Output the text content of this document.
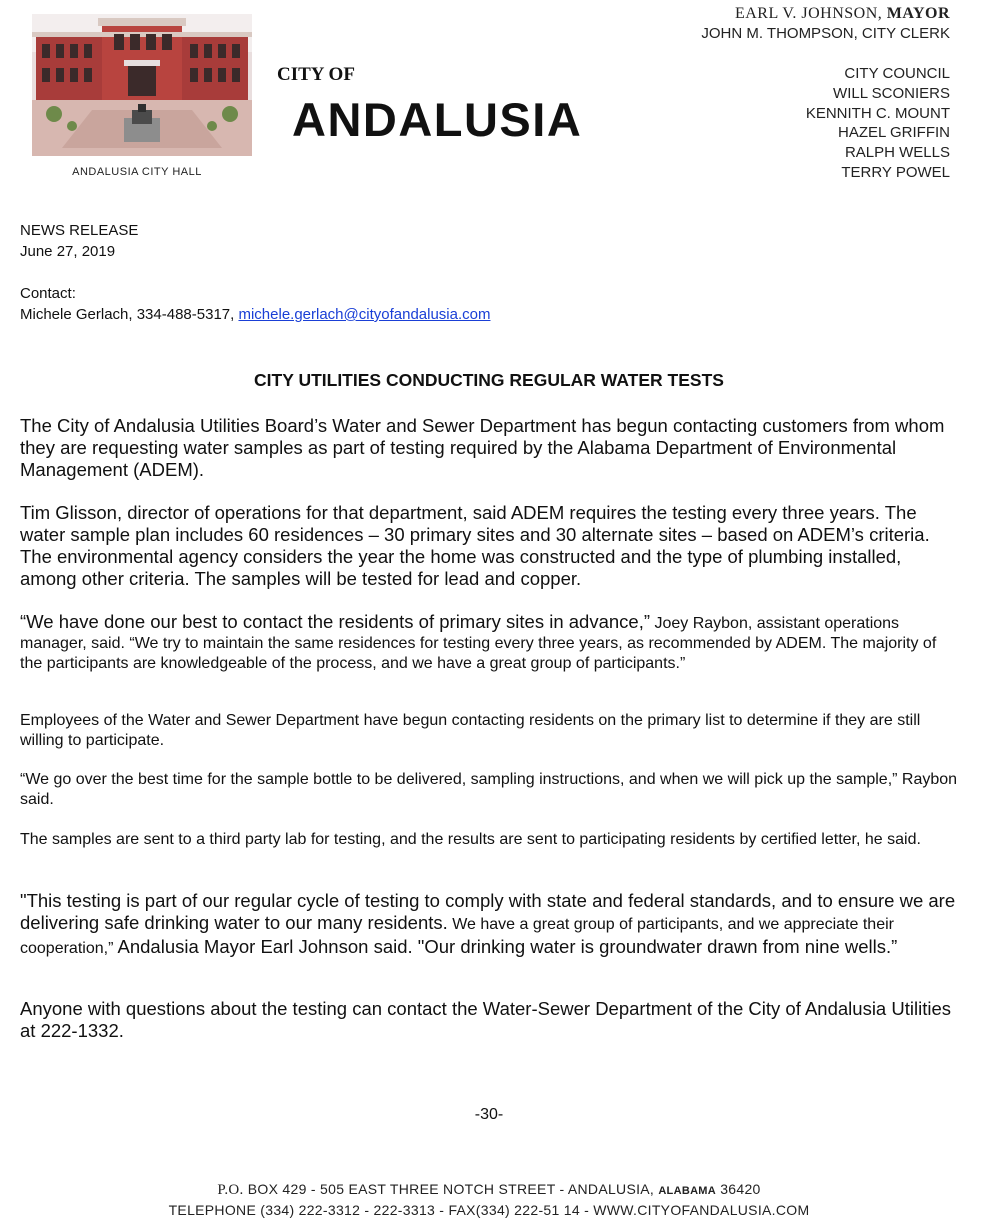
ANDALUSIA CITY HALL
CITY OF
ANDALUSIA
EARL V. JOHNSON, MAYOR
JOHN M. THOMPSON, CITY CLERK
CITY COUNCIL
WILL SCONIERS
KENNITH C. MOUNT
HAZEL GRIFFIN
RALPH WELLS
TERRY POWEL
NEWS RELEASE
June 27, 2019
Contact:
Michele Gerlach, 334-488-5317, michele.gerlach@cityofandalusia.com
CITY UTILITIES CONDUCTING REGULAR WATER TESTS
The City of Andalusia Utilities Board’s Water and Sewer Department has begun contacting customers from whom they are requesting water samples as part of testing required by the Alabama Department of Environmental Management (ADEM).
Tim Glisson, director of operations for that department, said ADEM requires the testing every three years. The water sample plan includes 60 residences – 30 primary sites and 30 alternate sites – based on ADEM’s criteria. The environmental agency considers the year the home was constructed and the type of plumbing installed, among other criteria. The samples will be tested for lead and copper.
“We have done our best to contact the residents of primary sites in advance,” Joey Raybon, assistant operations manager, said. “We try to maintain the same residences for testing every three years, as recommended by ADEM. The majority of the participants are knowledgeable of the process, and we have a great group of participants.”
Employees of the Water and Sewer Department have begun contacting residents on the primary list to determine if they are still willing to participate.
“We go over the best time for the sample bottle to be delivered, sampling instructions, and when we will pick up the sample,” Raybon said.
The samples are sent to a third party lab for testing, and the results are sent to participating residents by certified letter, he said.
"This testing is part of our regular cycle of testing to comply with state and federal standards, and to ensure we are delivering safe drinking water to our many residents. We have a great group of participants, and we appreciate their cooperation,” Andalusia Mayor Earl Johnson said. "Our drinking water is groundwater drawn from nine wells.”
Anyone with questions about the testing can contact the Water-Sewer Department of the City of Andalusia Utilities at 222-1332.
-30-
P.O. BOX 429 - 505 EAST THREE NOTCH STREET - ANDALUSIA, ALABAMA 36420
TELEPHONE (334) 222-3312 - 222-3313 - FAX(334) 222-51 14 - WWW.CITYOFANDALUSIA.COM
